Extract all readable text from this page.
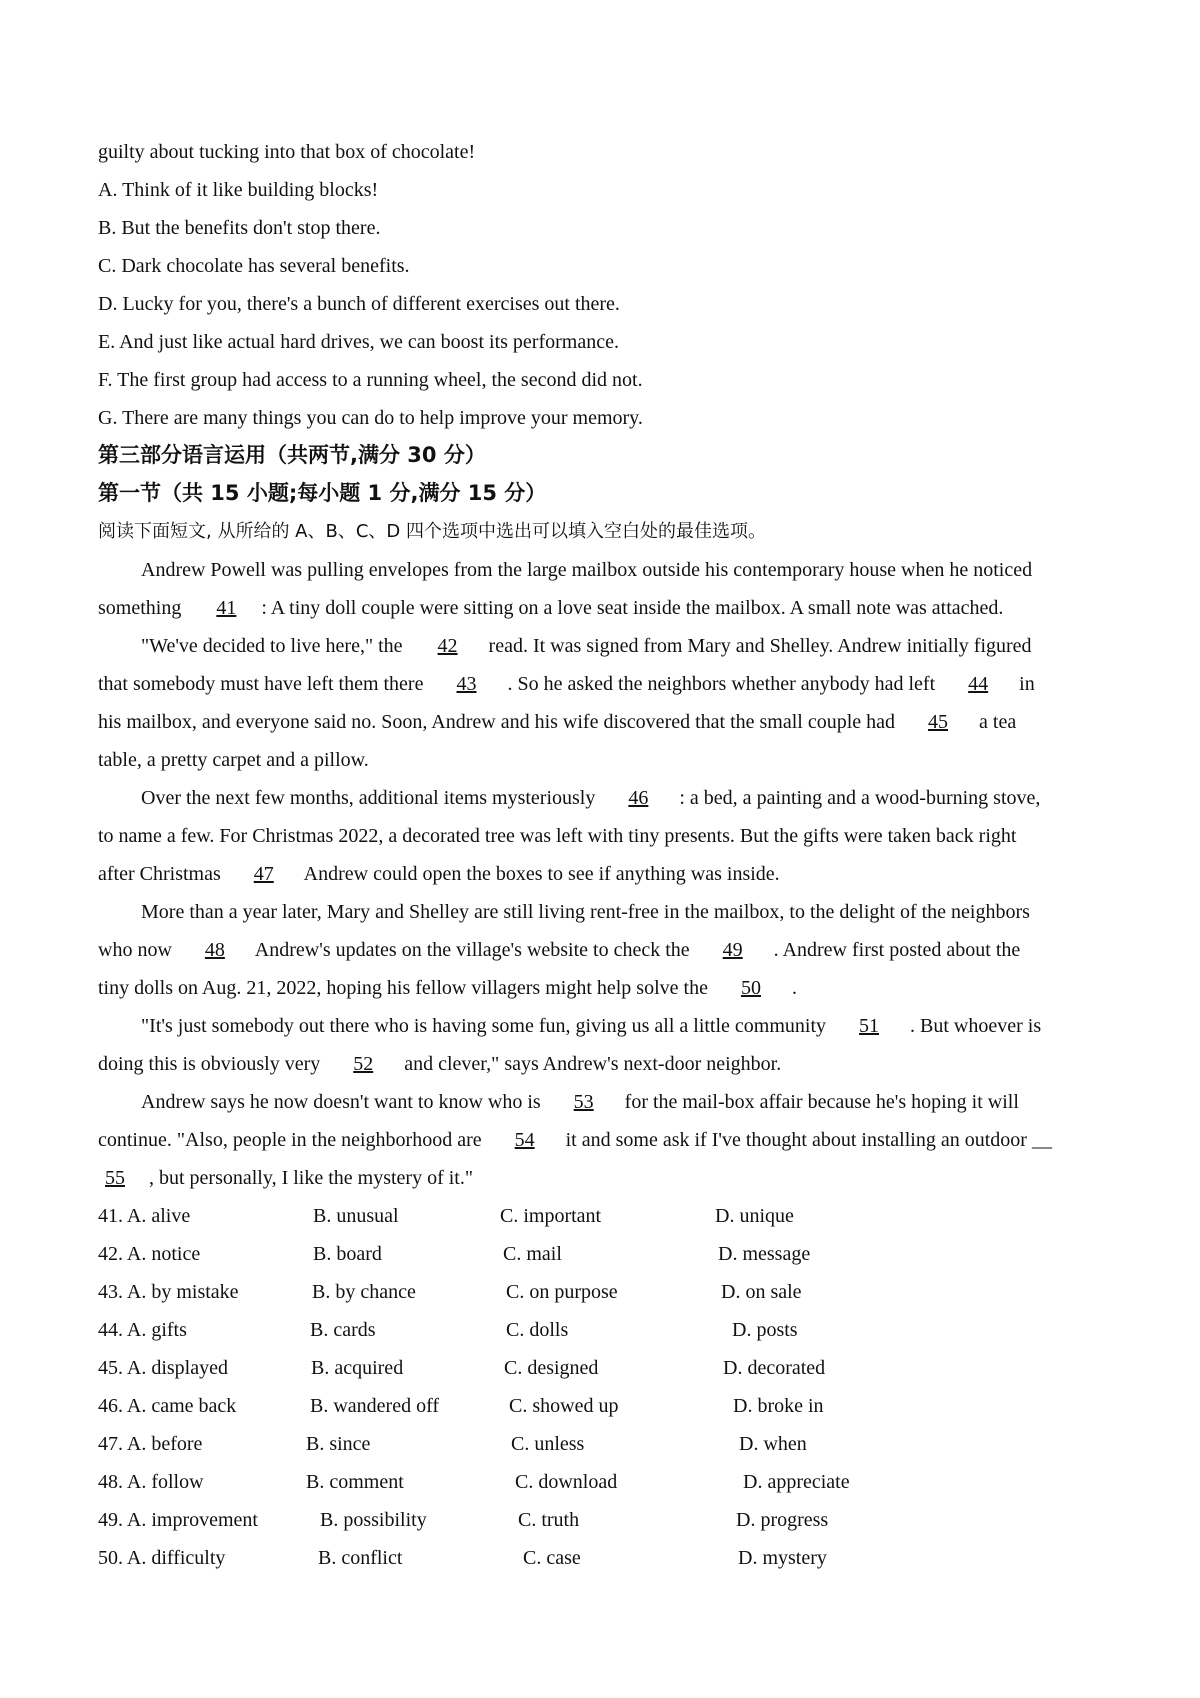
guilty about tucking into that box of chocolate!
A. Think of it like building blocks!
B. But the benefits don't stop there.
C. Dark chocolate has several benefits.
D. Lucky for you, there's a bunch of different exercises out there.
E. And just like actual hard drives, we can boost its performance.
F. The first group had access to a running wheel, the second did not.
G. There are many things you can do to help improve your memory.
第三部分语言运用（共两节,满分 30 分）
第一节（共 15 小题;每小题 1 分,满分 15 分）
阅读下面短文, 从所给的 A、B、C、D 四个选项中选出可以填入空白处的最佳选项。
Andrew Powell was pulling envelopes from the large mailbox outside his contemporary house when he noticed
something 41 : A tiny doll couple were sitting on a love seat inside the mailbox. A small note was attached.
"We've decided to live here," the 42 read. It was signed from Mary and Shelley. Andrew initially figured
that somebody must have left them there 43 . So he asked the neighbors whether anybody had left 44 in
his mailbox, and everyone said no. Soon, Andrew and his wife discovered that the small couple had 45 a tea
table, a pretty carpet and a pillow.
Over the next few months, additional items mysteriously 46 : a bed, a painting and a wood-burning stove,
to name a few. For Christmas 2022, a decorated tree was left with tiny presents. But the gifts were taken back right
after Christmas 47 Andrew could open the boxes to see if anything was inside.
More than a year later, Mary and Shelley are still living rent-free in the mailbox, to the delight of the neighbors
who now 48 Andrew's updates on the village's website to check the 49 . Andrew first posted about the
tiny dolls on Aug. 21, 2022, hoping his fellow villagers might help solve the 50 .
"It's just somebody out there who is having some fun, giving us all a little community 51 . But whoever is
doing this is obviously very 52 and clever," says Andrew's next-door neighbor.
Andrew says he now doesn't want to know who is 53 for the mail-box affair because he's hoping it will
continue. "Also, people in the neighborhood are 54 it and some ask if I've thought about installing an outdoor __
55 , but personally, I like the mystery of it."
41. A. alive	B. unusual	C. important	D. unique
42. A. notice	B. board	C. mail	D. message
43. A. by mistake	B. by chance	C. on purpose	D. on sale
44. A. gifts	B. cards	C. dolls	D. posts
45. A. displayed	B. acquired	C. designed	D. decorated
46. A. came back	B. wandered off	C. showed up	D. broke in
47. A. before	B. since	C. unless	D. when
48. A. follow	B. comment	C. download	D. appreciate
49. A. improvement	B. possibility	C. truth	D. progress
50. A. difficulty	B. conflict	C. case	D. mystery
